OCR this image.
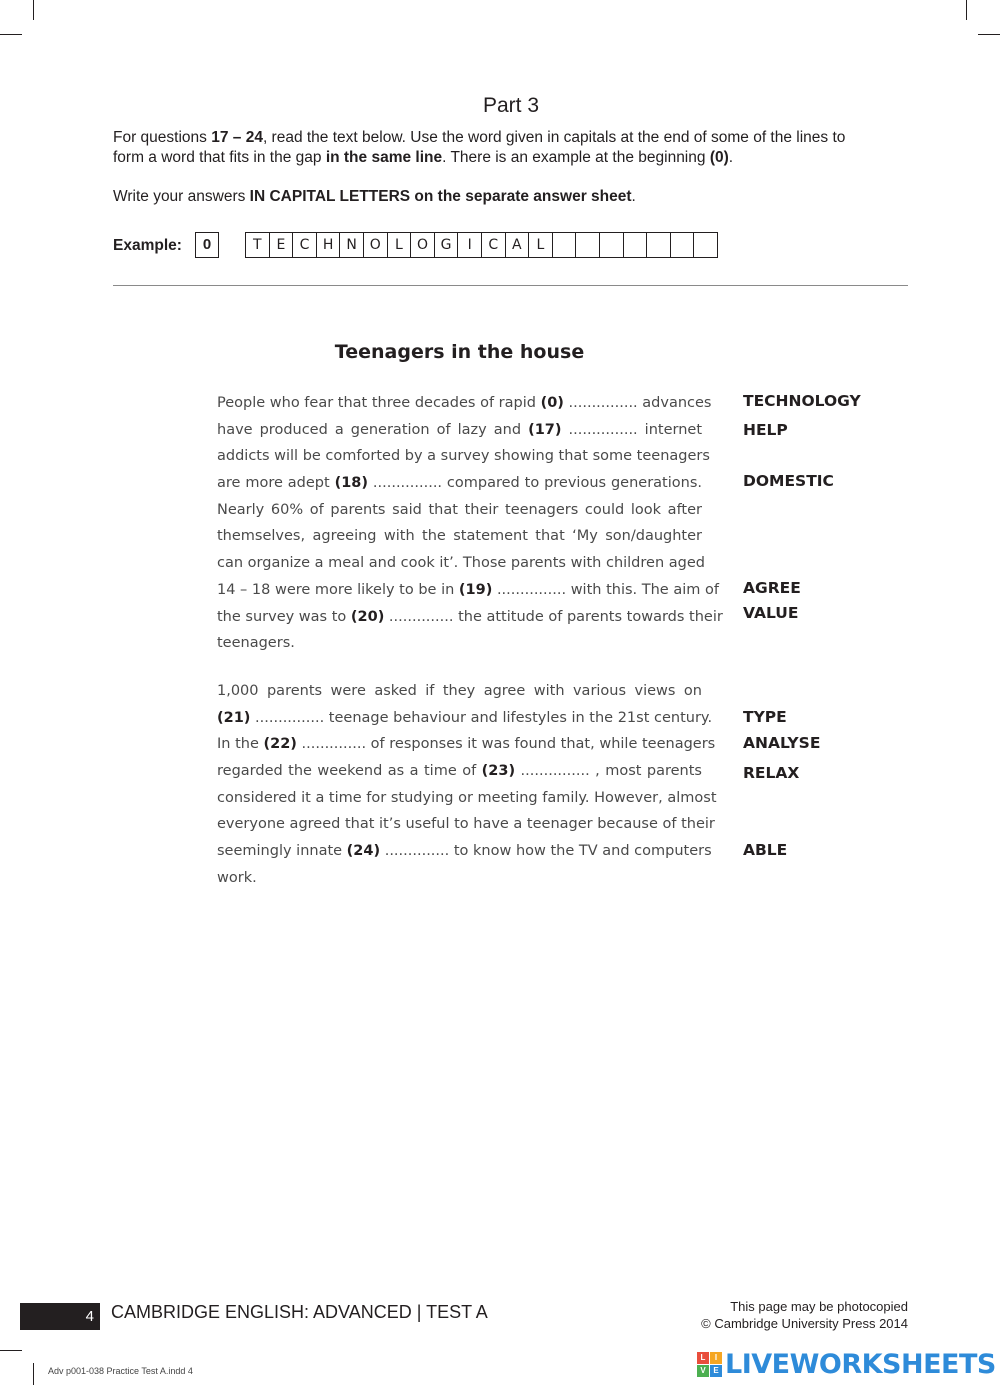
Part 3
For questions 17 – 24, read the text below. Use the word given in capitals at the end of some of the lines to
form a word that fits in the gap in the same line. There is an example at the beginning (0).
Write your answers IN CAPITAL LETTERS on the separate answer sheet.
Example:	0	T	E	C H N O	L	O G	I	C A	L
Teenagers in the house
People who fear that three decades of rapid (0) ............... advances
have produced a generation of lazy and (17) ............... internet
addicts will be comforted by a survey showing that some teenagers
are more adept (18) ............... compared to previous generations.
Nearly 60% of parents said that their teenagers could look after
themselves, agreeing with the statement that ‘My son/daughter
can organize a meal and cook it’. Those parents with children aged
14 – 18 were more likely to be in (19) ............... with this. The aim of
the survey was to (20) .............. the attitude of parents towards their
teenagers.
1,000 parents were asked if they agree with various views on
(21) ............... teenage behaviour and lifestyles in the 21st century.
In the (22) .............. of responses it was found that, while teenagers
regarded the weekend as a time of (23) ............... , most parents
considered it a time for studying or meeting family. However, almost
everyone agreed that it’s useful to have a teenager because of their
seemingly innate (24) .............. to know how the TV and computers
work.
TECHNOLOGY
HELP
DOMESTIC
AGREE
VALUE
TYPE
ANALYSE
RELAX
ABLE
4 CAMBRIDGE ENGLISH: ADVANCED | TEST A	This page may be photocopied
© Cambridge University Press 2014
Adv p001-038 Practice Test A.indd 4
L	I
V E LIVEWORKSHEETS
